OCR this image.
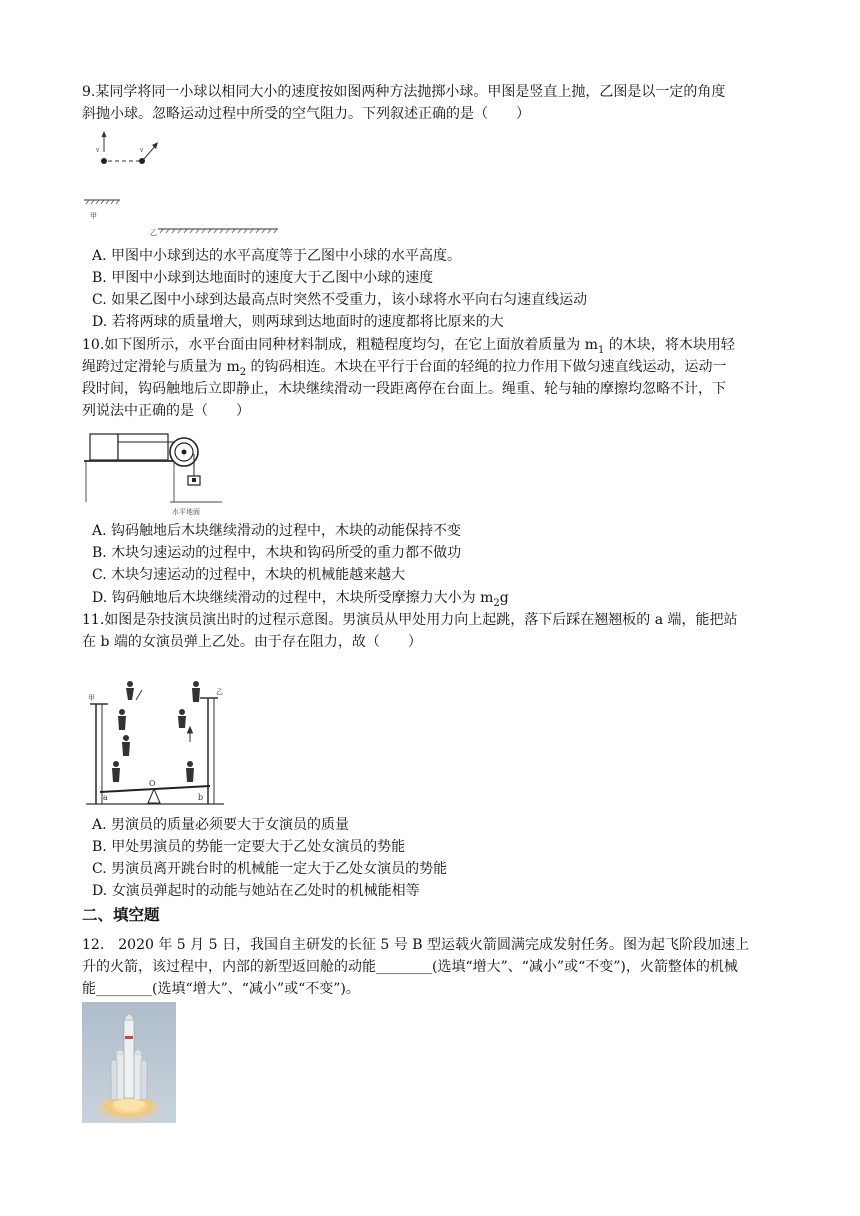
9.某同学将同一小球以相同大小的速度按如图两种方法抛掷小球。甲图是竖直上抛，乙图是以一定的角度
斜抛小球。忽略运动过程中所受的空气阻力。下列叙述正确的是（　　）
v	v
甲
乙
A. 甲图中小球到达的水平高度等于乙图中小球的水平高度。
B. 甲图中小球到达地面时的速度大于乙图中小球的速度
C. 如果乙图中小球到达最高点时突然不受重力，该小球将水平向右匀速直线运动
D. 若将两球的质量增大，则两球到达地面时的速度都将比原来的大
10.如下图所示，水平台面由同种材料制成，粗糙程度均匀，在它上面放着质量为 $m_1$ 的木块，将木块用轻
绳跨过定滑轮与质量为 $m_2$ 的钩码相连。木块在平行于台面的轻绳的拉力作用下做匀速直线运动，运动一
段时间，钩码触地后立即静止，木块继续滑动一段距离停在台面上。绳重、轮与轴的摩擦均忽略不计，下
列说法中正确的是（　　）
水平地面
A. 钩码触地后木块继续滑动的过程中，木块的动能保持不变
B. 木块匀速运动的过程中，木块和钩码所受的重力都不做功
C. 木块匀速运动的过程中，木块的机械能越来越大
D. 钩码触地后木块继续滑动的过程中，木块所受摩擦力大小为 $m_2g$
11.如图是杂技演员演出时的过程示意图。男演员从甲处用力向上起跳，落下后踩在翘翘板的 a 端，能把站
在 b 端的女演员弹上乙处。由于存在阻力，故（　　）
甲
乙
O
a	b
A. 男演员的质量必须要大于女演员的质量
B. 甲处男演员的势能一定要大于乙处女演员的势能
C. 男演员离开跳台时的机械能一定大于乙处女演员的势能
D. 女演员弹起时的动能与她站在乙处时的机械能相等
二、填空题
12.　2020 年 5 月 5 日，我国自主研发的长征 5 号 B 型运载火箭圆满完成发射任务。图为起飞阶段加速上
升的火箭，该过程中，内部的新型返回舱的动能________(选填“增大”、“减小”或“不变”)，火箭整体的机械
能________(选填“增大”、“减小”或“不变”)。
